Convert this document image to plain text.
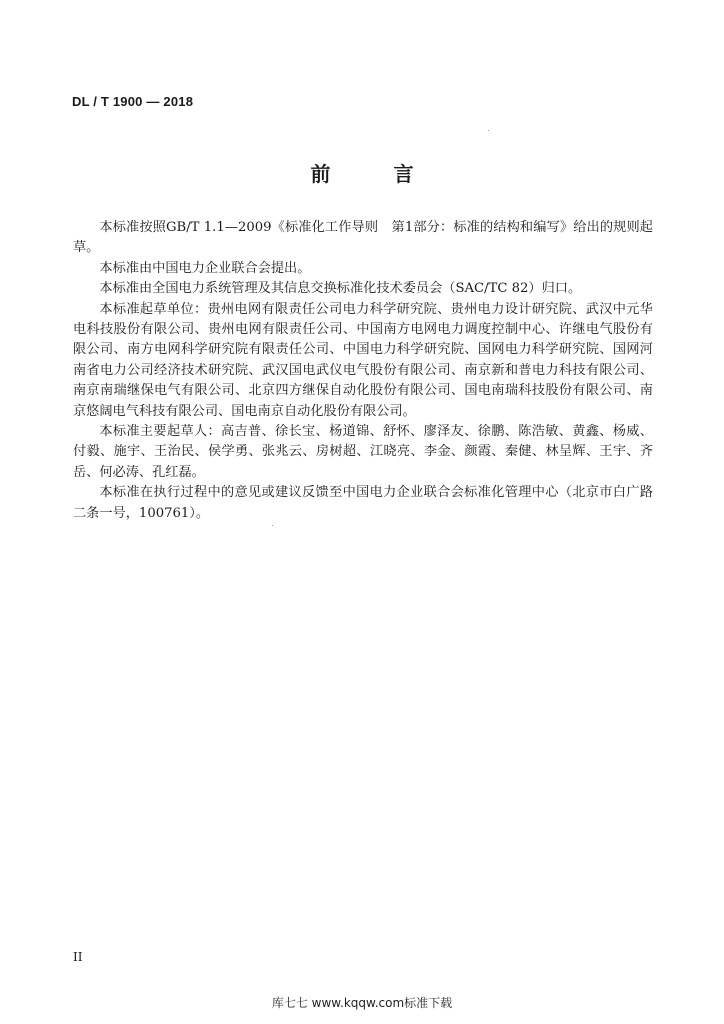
DL / T 1900 — 2018
前 言

本标准按照GB/T 1.1—2009《标准化工作导则　第1部分：标准的结构和编写》给出的规则起草。

本标准由中国电力企业联合会提出。

本标准由全国电力系统管理及其信息交换标准化技术委员会（SAC/TC 82）归口。

本标准起草单位：贵州电网有限责任公司电力科学研究院、贵州电力设计研究院、武汉中元华电科技股份有限公司、贵州电网有限责任公司、中国南方电网电力调度控制中心、许继电气股份有限公司、南方电网科学研究院有限责任公司、中国电力科学研究院、国网电力科学研究院、国网河南省电力公司经济技术研究院、武汉国电武仪电气股份有限公司、南京新和普电力科技有限公司、南京南瑞继保电气有限公司、北京四方继保自动化股份有限公司、国电南瑞科技股份有限公司、南京悠阔电气科技有限公司、国电南京自动化股份有限公司。

本标准主要起草人：高吉普、徐长宝、杨道锦、舒怀、廖泽友、徐鹏、陈浩敏、黄鑫、杨威、付毅、施宇、王治民、侯学勇、张兆云、房树超、江晓亮、李金、颜霞、秦健、林呈辉、王宇、齐岳、何必涛、孔红磊。

本标准在执行过程中的意见或建议反馈至中国电力企业联合会标准化管理中心（北京市白广路二条一号，100761）。

II
库七七 www.kqqw.com标准下载
